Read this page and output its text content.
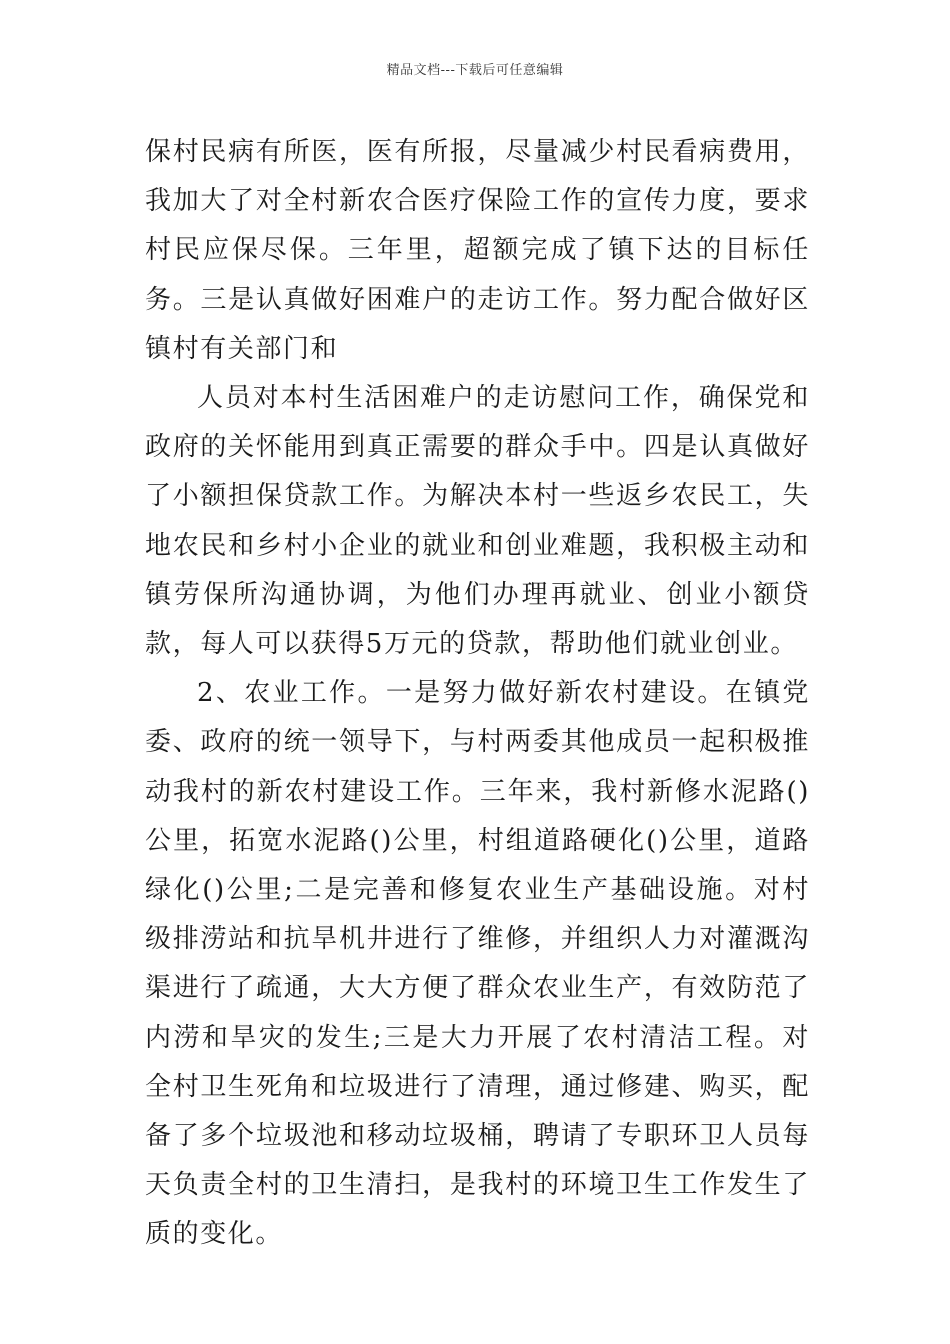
精品文档---下载后可任意编辑

保村民病有所医，医有所报，尽量减少村民看病费用，我加大了对全村新农合医疗保险工作的宣传力度，要求村民应保尽保。三年里，超额完成了镇下达的目标任务。三是认真做好困难户的走访工作。努力配合做好区镇村有关部门和

人员对本村生活困难户的走访慰问工作，确保党和政府的关怀能用到真正需要的群众手中。四是认真做好了小额担保贷款工作。为解决本村一些返乡农民工，失地农民和乡村小企业的就业和创业难题，我积极主动和镇劳保所沟通协调，为他们办理再就业、创业小额贷款，每人可以获得5万元的贷款，帮助他们就业创业。

2、农业工作。一是努力做好新农村建设。在镇党委、政府的统一领导下，与村两委其他成员一起积极推动我村的新农村建设工作。三年来，我村新修水泥路()公里，拓宽水泥路()公里，村组道路硬化()公里，道路绿化()公里;二是完善和修复农业生产基础设施。对村级排涝站和抗旱机井进行了维修，并组织人力对灌溉沟渠进行了疏通，大大方便了群众农业生产，有效防范了内涝和旱灾的发生;三是大力开展了农村清洁工程。对全村卫生死角和垃圾进行了清理，通过修建、购买，配备了多个垃圾池和移动垃圾桶，聘请了专职环卫人员每天负责全村的卫生清扫，是我村的环境卫生工作发生了质的变化。
